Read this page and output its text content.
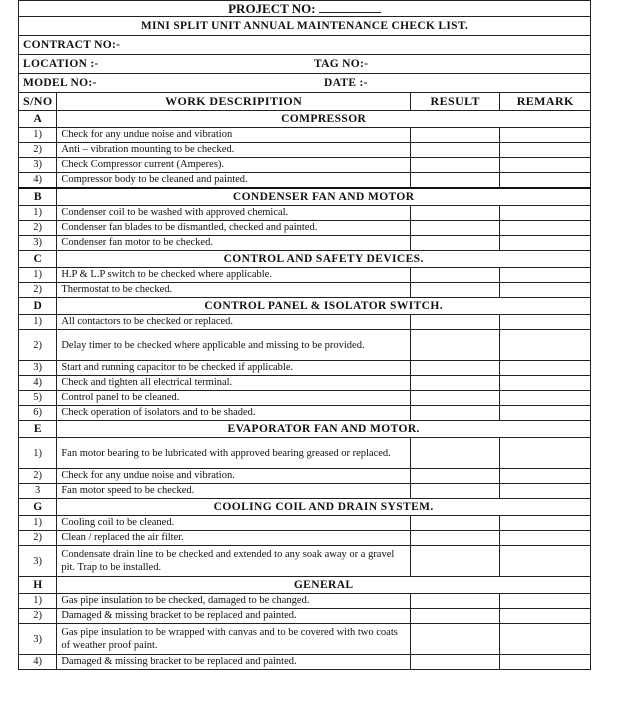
PROJECT NO:			
MINI SPLIT UNIT ANNUAL MAINTENANCE CHECK LIST.			
CONTRACT NO:-			
LOCATION :- TAG NO:-			

MODEL NO:- DATE :-			

S/NO	WORK DESCRIPITION	RESULT	REMARK
A	COMPRESSOR		
1)	Check for any undue noise and vibration		
2)	Anti – vibration mounting to be checked.		
3)	Check Compressor current (Amperes).		
4)	Compressor body to be cleaned and painted.		
B	CONDENSER FAN AND MOTOR		
1)	Condenser coil to be washed with approved chemical.		
2)	Condenser fan blades to be dismantled, checked and painted.		
3)	Condenser fan motor to be checked.		
C	CONTROL AND SAFETY DEVICES.		
1)	H.P & L.P switch to be checked where applicable.		
2)	Thermostat to be checked.		
D	CONTROL PANEL & ISOLATOR SWITCH.		
1)	All contactors to be checked or replaced.		
2)	Delay timer to be checked where applicable and missing to be provided.		
3)	Start and running capacitor to be checked if applicable.		
4)	Check and tighten all electrical terminal.		
5)	Control panel to be cleaned.		
6)	Check operation of isolators and to be shaded.		
E	EVAPORATOR FAN AND MOTOR.		
1)	Fan motor bearing to be lubricated with approved bearing greased or replaced.		
2)	Check for any undue noise and vibration.		
3	Fan motor speed to be checked.		
G	COOLING COIL AND DRAIN SYSTEM.		
1)	Cooling coil to be cleaned.		
2)	Clean / replaced the air filter.		
3)	Condensate drain line to be checked and extended to any soak away or a gravel pit. Trap to be installed.		
H	GENERAL		
1)	Gas pipe insulation to be checked, damaged to be changed.		
2)	Damaged & missing bracket to be replaced and painted.		
3)	Gas pipe insulation to be wrapped with canvas and to be covered with two coats of weather proof paint.		
4)	Damaged & missing bracket to be replaced and painted.		
